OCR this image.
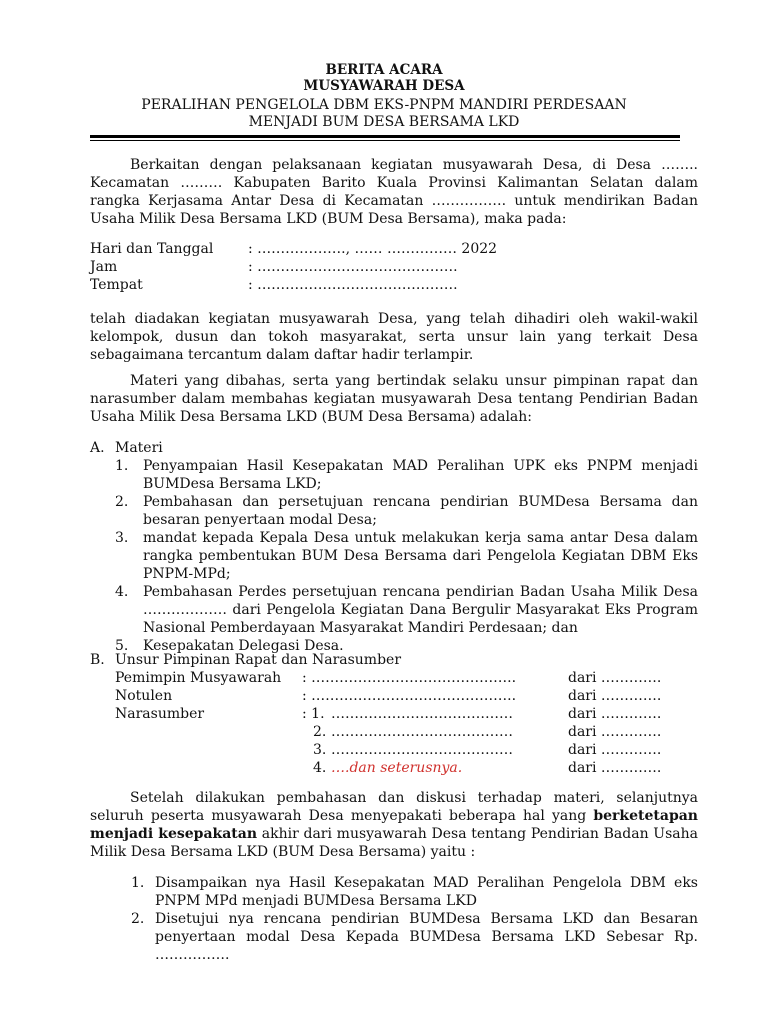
BERITA ACARA
MUSYAWARAH DESA
PERALIHAN PENGELOLA DBM EKS-PNPM MANDIRI PERDESAAN
MENJADI BUM DESA BERSAMA LKD
Berkaitan dengan pelaksanaan kegiatan musyawarah Desa, di Desa …….. Kecamatan ……… Kabupaten Barito Kuala Provinsi Kalimantan Selatan dalam rangka Kerjasama Antar Desa di Kecamatan ……………. untuk mendirikan Badan Usaha Milik Desa Bersama LKD (BUM Desa Bersama), maka pada:
Hari dan Tanggal : ………………., …… …………… 2022
Jam	: …………………………………….
Tempat	: …………………………………….
telah diadakan kegiatan musyawarah Desa, yang telah dihadiri oleh wakil-wakil kelompok, dusun dan tokoh masyarakat, serta unsur lain yang terkait Desa sebagaimana tercantum dalam daftar hadir terlampir.
Materi yang dibahas, serta yang bertindak selaku unsur pimpinan rapat dan narasumber dalam membahas kegiatan musyawarah Desa tentang Pendirian Badan Usaha Milik Desa Bersama LKD (BUM Desa Bersama) adalah:
A. Materi
1. Penyampaian Hasil Kesepakatan MAD Peralihan UPK eks PNPM menjadi BUMDesa Bersama LKD;
2. Pembahasan dan persetujuan rencana pendirian BUMDesa Bersama dan besaran penyertaan modal Desa;
3. mandat kepada Kepala Desa untuk melakukan kerja sama antar Desa dalam rangka pembentukan BUM Desa Bersama dari Pengelola Kegiatan DBM Eks PNPM-MPd;
4. Pembahasan Perdes persetujuan rencana pendirian Badan Usaha Milik Desa ……………… dari Pengelola Kegiatan Dana Bergulir Masyarakat Eks Program Nasional Pemberdayaan Masyarakat Mandiri Perdesaan; dan
5. Kesepakatan Delegasi Desa.
B. Unsur Pimpinan Rapat dan Narasumber
Pemimpin Musyawarah : ……………………………………..	dari ………….
Notulen	: ……………………………………..	dari ………….
Narasumber	: 1. …………………………………	dari ………….
2. …………………………………	dari ………….
3. …………………………………	dari ………….
4. ….dan seterusnya.	dari ………….
Setelah dilakukan pembahasan dan diskusi terhadap materi, selanjutnya seluruh peserta musyawarah Desa menyepakati beberapa hal yang berketetapan menjadi kesepakatan akhir dari musyawarah Desa tentang Pendirian Badan Usaha Milik Desa Bersama LKD (BUM Desa Bersama) yaitu :
1. Disampaikan nya Hasil Kesepakatan MAD Peralihan Pengelola DBM eks PNPM MPd menjadi BUMDesa Bersama LKD
2. Disetujui nya rencana pendirian BUMDesa Bersama LKD dan Besaran penyertaan modal Desa Kepada BUMDesa Bersama LKD Sebesar Rp. …………….
